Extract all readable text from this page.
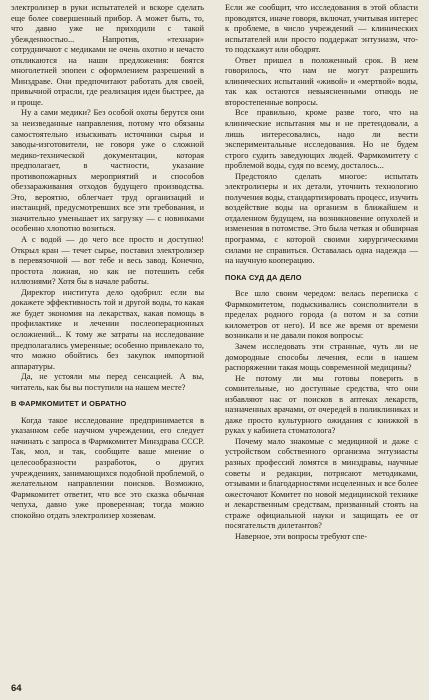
электролизер в руки испытателей и вскоре сделать еще более совершенный прибор. А может быть, то, что давно уже не приходили с такой убежденностью... Напротив, «технари» сотрудничают с медиками не очень охотно и нечасто откликаются на наши предложения: боятся многолетней эпопеи с оформлением разрешений в Минздраве. Они предпочитают работать для своей, привычной отрасли, где реализация идеи быстрее, да и проще.

Ну а сами медики? Без особой охоты берутся они за неизведанные направления, потому что обязаны самостоятельно изыскивать источники сырья и заводы-изготовители, не говоря уже о сложной медико-технической документации, которая предполагает, в частности, указание противопожарных мероприятий и способов обеззараживания отходов будущего производства. Это, вероятно, облегчает труд организаций и инстанций, предусмотревших все эти требования, и значительно уменьшает их загрузку — с новинками особенно хлопотно возиться.

А с водой — до чего все просто и доступно! Открыл кран — течет сырье, поставил электролизер в перевязочной — вот тебе и весь завод. Конечно, простота ложная, но как не потешить себя иллюзиями? Хотя бы в начале работы.

Директор института дело одобрил: если вы докажете эффективность той и другой воды, то какая же будет экономия на лекарствах, какая помощь в профилактике и лечении послеоперационных осложнений... К тому же затраты на исследование предполагались умеренные; особенно привлекало то, что можно обойтись без закупок импортной аппаратуры.

Да, не устояли мы перед сенсацией. А вы, читатель, как бы вы поступили на нашем месте?

В ФАРМКОМИТЕТ И ОБРАТНО

Когда такое исследование предпринимается в указанном себе научном учреждении, его следует начинать с запроса в Фармкомитет Минздрава СССР. Так, мол, и так, сообщите ваше мнение о целесообразности разработок, о других учреждениях, занимающихся подобной проблемой, о желательном направлении поисков. Возможно, Фармкомитет ответит, что все это сказка обычная чепуха, давно уже проверенная; тогда можно спокойно отдать электролизер хозяевам.

Если же сообщит, что исследования в этой области проводятся, иначе говоря, включат, учитывая интерес к проблеме, в число учреждений — клинических испытателей или просто поддержат энтузиазм, что-то подскажут или ободрят.

Ответ пришел в положенный срок. В нем говорилось, что нам не могут разрешить клинических испытаний «живой» и «мертвой» воды, так как остаются невыясненными отнюдь не второстепенные вопросы.

Все правильно, кроме разве того, что на клинические испытания мы и не претендовали, а лишь интересовались, надо ли вести экспериментальные исследования. Но не будем строго судить заведующих людей. Фармкомитету с проблемой воды, судя по всему, досталось...

Предстояло сделать многое: испытать электролизеры и их детали, уточнить технологию получения воды, стандартизировать процесс, изучить воздействие воды на организм в ближайшем и отдаленном будущем, на возникновение опухолей и изменения в потомстве. Это была четкая и обширная программа, с которой своими хирургическими силами не справиться. Оставалась одна надежда — на научную кооперацию.

ПОКА СУД ДА ДЕЛО

Все шло своим чередом: велась переписка с Фармкомитетом, подыскивались соисполнители в пределах родного города (а потом и за сотни километров от него). И все же время от времени возникали и не давали покоя вопросы:

Зачем исследовать эти странные, чуть ли не домородные способы лечения, если в нашем распоряжении такая мощь современной медицины?

Не потому ли мы готовы поверить в сомнительные, но доступные средства, что они избавляют нас от поисков в аптеках лекарств, назначенных врачами, от очередей в поликлиниках и даже просто культурного ожидания с книжкой в руках у кабинета стоматолога?

Почему мало знакомые с медициной и даже с устройством собственного организма энтузиасты разных профессий ломятся в минздравы, научные советы и редакции, потрясают методиками, отзывами и благодарностями исцеленных и все более ожесточают Комитет по новой медицинской технике и лекарственным средствам, призванный стоять на страже официальной науки и защищать ее от посягательств дилетантов?

Наверное, эти вопросы требуют спе-

64
